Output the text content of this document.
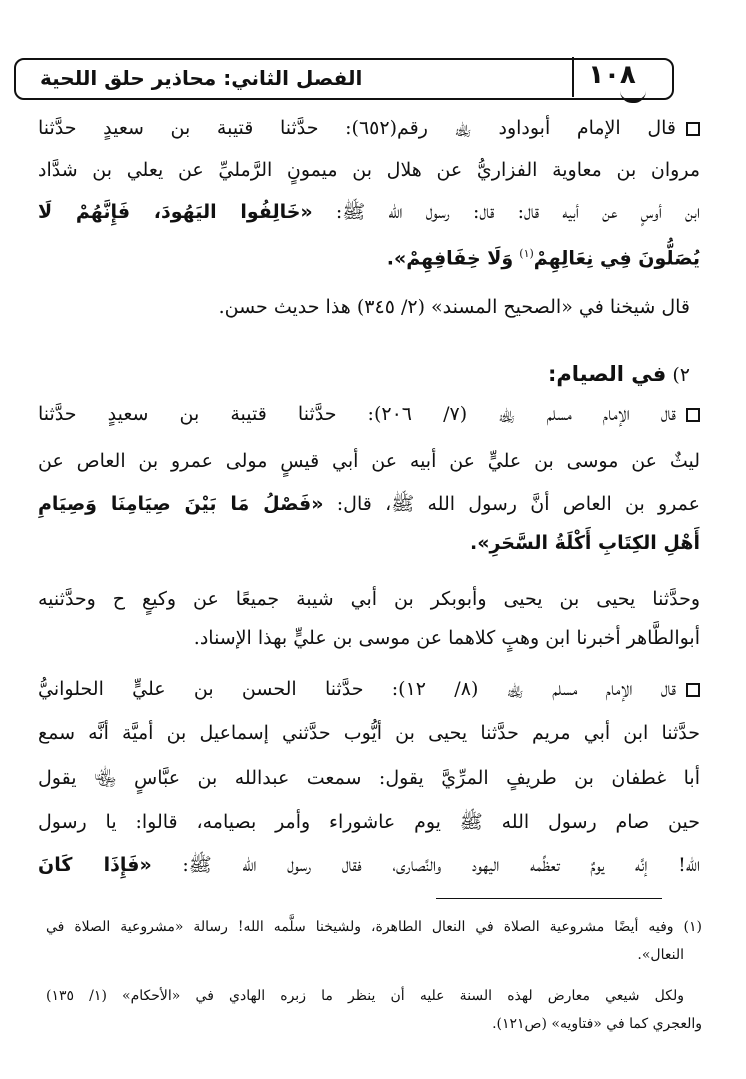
الفصل الثاني: محاذير حلق اللحية	١٠٨
قال الإمام أبوداود ﵀ رقم(٦٥٢): حدَّثنا قتيبة بن سعيدٍ حدَّثنا
مروان بن معاوية الفزاريُّ عن هلال بن ميمونٍ الرَّمليِّ عن يعلي بن شدَّاد
ابن أوسٍ عن أبيه قال: قال: رسول الله ﷺ: «خَالِفُوا اليَهُودَ، فَإِنَّهُمْ لَا
يُصَلُّونَ فِي نِعَالِهِمْ$^{(١)}$ وَلَا خِفَافِهِمْ».
قال شيخنا في «الصحيح المسند» (٢/ ٣٤٥) هذا حديث حسن.
٢) في الصيام:
قال الإمام مسلم ﵀ (٧/ ٢٠٦): حدَّثنا قتيبة بن سعيدٍ حدَّثنا
ليثٌ عن موسى بن عليٍّ عن أبيه عن أبي قيسٍ مولى عمرو بن العاص عن
عمرو بن العاص أنَّ رسول الله ﷺ، قال: «فَصْلُ مَا بَيْنَ صِيَامِنَا وَصِيَامِ
أَهْلِ الكِتَابِ أَكْلَةُ السَّحَرِ».
وحدَّثنا يحيى بن يحيى وأبوبكر بن أبي شيبة جميعًا عن وكيعٍ ح وحدَّثنيه
أبوالطَّاهر أخبرنا ابن وهبٍ كلاهما عن موسى بن عليٍّ بهذا الإسناد.
قال الإمام مسلم ﵀ (٨/ ١٢): حدَّثنا الحسن بن عليٍّ الحلوانيُّ
حدَّثنا ابن أبي مريم حدَّثنا يحيى بن أيُّوب حدَّثني إسماعيل بن أميَّة أنَّه سمع
أبا غطفان بن طريفٍ المرِّيَّ يقول: سمعت عبدالله بن عبَّاسٍ ﵄ يقول
حين صام رسول الله ﷺ يوم عاشوراء وأمر بصيامه، قالوا: يا رسول
الله! إنَّه يومٌ تعظِّمه اليهود والنَّصارى، فقال رسول الله ﷺ: «فَإِذَا كَانَ
(١) وفيه أيضًا مشروعية الصلاة في النعال الطاهرة، ولشيخنا سلَّمه الله! رسالة «مشروعية الصلاة في
النعال».
ولكل شيعي معارض لهذه السنة عليه أن ينظر ما زبره الهادي في «الأحكام» (١/ ١٣٥)
والعجري كما في «فتاويه» (ص١٢١).
